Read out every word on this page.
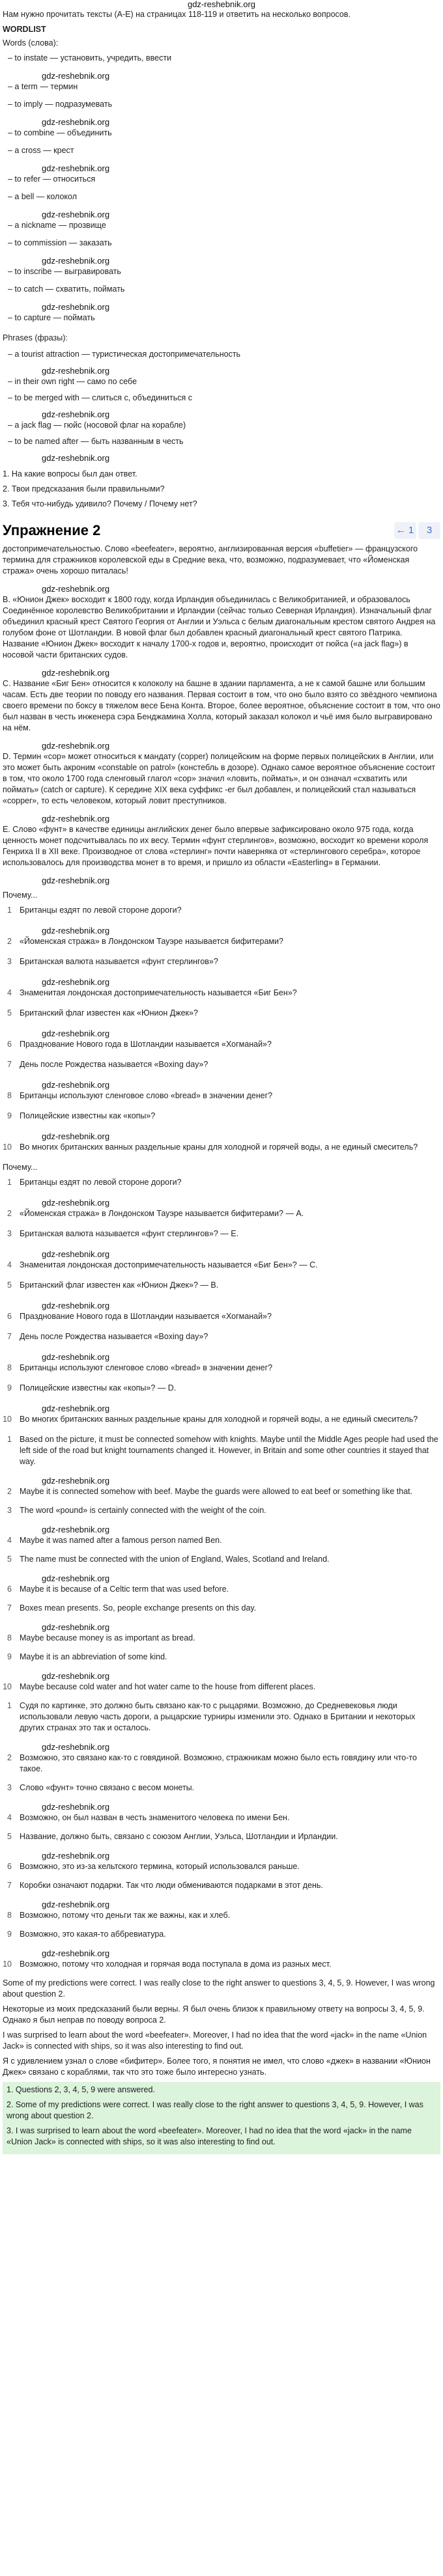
gdz-reshebnik.org

Нам нужно прочитать тексты (A-E) на страницах 118-119 и ответить на несколько вопросов.

WORDLIST

Words (слова):

– to instate — установить, учредить, ввести
gdz-reshebnik.org
– a term — термин
– to imply — подразумевать
gdz-reshebnik.org
– to combine — объединить
– a cross — крест
gdz-reshebnik.org
– to refer — относиться
– a bell — колокол
gdz-reshebnik.org
– a nickname — прозвище
– to commission — заказать
gdz-reshebnik.org
– to inscribe — выгравировать
– to catch — схватить, поймать
gdz-reshebnik.org
– to capture — поймать

Phrases (фразы):

– a tourist attraction — туристическая достопримечательность
gdz-reshebnik.org
– in their own right — само по себе
– to be merged with — слиться с, объединиться с
gdz-reshebnik.org
– a jack flag — гюйс (носовой флаг на корабле)
– to be named after — быть названным в честь
gdz-reshebnik.org
1. На какие вопросы был дан ответ.
2. Твои предсказания были правильными?
3. Тебя что-нибудь удивило? Почему / Почему нет?
Упражнение 2	← 1 3
достопримечательностью. Слово «beefeater», вероятно, англизированная версия «buffetier» — французского термина для стражников королевской еды в Средние века, что, возможно, подразумевает, что «Йоменская стража» очень хорошо питалась!
gdz-reshebnik.org
B. «Юнион Джек» восходит к 1800 году, когда Ирландия объединилась с Великобританией, и образовалось Соединённое королевство Великобритании и Ирландии (сейчас только Северная Ирландия). Изначальный флаг объединил красный крест Святого Георгия от Англии и Уэльса с белым диагональным крестом святого Андрея на голубом фоне от Шотландии. В новой флаг был добавлен красный диагональный крест святого Патрика. Название «Юнион Джек» восходит к началу 1700-х годов и, вероятно, происходит от гюйса («a jack flag») в носовой части британских судов.
gdz-reshebnik.org
C. Название «Биг Бен» относится к колоколу на башне в здании парламента, а не к самой башне или большим часам. Есть две теории по поводу его названия. Первая состоит в том, что оно было взято со звёздного чемпиона своего времени по боксу в тяжелом весе Бена Конта. Второе, более вероятное, объяснение состоит в том, что оно был назван в честь инженера сэра Бенджамина Холла, который заказал колокол и чьё имя было выгравировано на нём.
gdz-reshebnik.org
D. Термин «сор» может относиться к мандату (copper) полицейским на форме первых полицейских в Англии, или это может быть акроним «constable on patrol» (констебль в дозоре). Однако самое вероятное объяснение состоит в том, что около 1700 года сленговый глагол «сор» значил «ловить, поймать», и он означал «схватить или поймать» (catch or capture). К середине XIX века суффикс -er был добавлен, и полицейский стал называться «copper», то есть человеком, который ловит преступников.
gdz-reshebnik.org
E. Слово «фунт» в качестве единицы английских денег было впервые зафиксировано около 975 года, когда ценность монет подсчитывалась по их весу. Термин «фунт стерлингов», возможно, восходит ко времени короля Генриха II в XII веке. Производное от слова «стерлинг» почти наверняка от «стерлингового серебра», которое использовалось для производства монет в то время, и пришло из области «Easterling» в Германии.
gdz-reshebnik.org

Почему...

1 Британцы ездят по левой стороне дороги?
gdz-reshebnik.org
2 «Йоменская стража» в Лондонском Тауэре называется бифитерами?
3 Британская валюта называется «фунт стерлингов»?
gdz-reshebnik.org
4 Знаменитая лондонская достопримечательность называется «Биг Бен»?
5 Британский флаг известен как «Юнион Джек»?
gdz-reshebnik.org
6 Празднование Нового года в Шотландии называется «Хогманай»?
7 День после Рождества называется «Boxing day»?
gdz-reshebnik.org
8 Британцы используют сленговое слово «bread» в значении денег?
9 Полицейские известны как «копы»?
gdz-reshebnik.org
10 Во многих британских ванных раздельные краны для холодной и горячей воды, а не единый смеситель?

Почему...

1 Британцы ездят по левой стороне дороги?
gdz-reshebnik.org
2 «Йоменская стража» в Лондонском Тауэре называется бифитерами? — A.
3 Британская валюта называется «фунт стерлингов»? — E.
gdz-reshebnik.org
4 Знаменитая лондонская достопримечательность называется «Биг Бен»? — C.
5 Британский флаг известен как «Юнион Джек»? — B.
gdz-reshebnik.org
6 Празднование Нового года в Шотландии называется «Хогманай»?
7 День после Рождества называется «Boxing day»?
gdz-reshebnik.org
8 Британцы используют сленговое слово «bread» в значении денег?
9 Полицейские известны как «копы»? — D.
gdz-reshebnik.org
10 Во многих британских ванных раздельные краны для холодной и горячей воды, а не единый смеситель?
1 Based on the picture, it must be connected somehow with knights. Maybe until the Middle Ages people had used the left side of the road but knight tournaments changed it. However, in Britain and some other countries it stayed that way.
gdz-reshebnik.org
2 Maybe it is connected somehow with beef. Maybe the guards were allowed to eat beef or something like that.
3 The word «pound» is certainly connected with the weight of the coin.
gdz-reshebnik.org
4 Maybe it was named after a famous person named Ben.
5 The name must be connected with the union of England, Wales, Scotland and Ireland.
gdz-reshebnik.org
6 Maybe it is because of a Celtic term that was used before.
7 Boxes mean presents. So, people exchange presents on this day.
gdz-reshebnik.org
8 Maybe because money is as important as bread.
9 Maybe it is an abbreviation of some kind.
gdz-reshebnik.org
10 Maybe because cold water and hot water came to the house from different places.
1 Судя по картинке, это должно быть связано как-то с рыцарями. Возможно, до Средневековья люди использовали левую часть дороги, а рыцарские турниры изменили это. Однако в Британии и некоторых других странах это так и осталось.
gdz-reshebnik.org
2 Возможно, это связано как-то с говядиной. Возможно, стражникам можно было есть говядину или что-то такое.
3 Слово «фунт» точно связано с весом монеты.
gdz-reshebnik.org
4 Возможно, он был назван в честь знаменитого человека по имени Бен.
5 Название, должно быть, связано с союзом Англии, Уэльса, Шотландии и Ирландии.
gdz-reshebnik.org
6 Возможно, это из-за кельтского термина, который использовался раньше.
7 Коробки означают подарки. Так что люди обмениваются подарками в этот день.
gdz-reshebnik.org
8 Возможно, потому что деньги так же важны, как и хлеб.
9 Возможно, это какая-то аббревиатура.
gdz-reshebnik.org
10 Возможно, потому что холодная и горячая вода поступала в дома из разных мест.
Some of my predictions were correct. I was really close to the right answer to questions 3, 4, 5, 9. However, I was wrong about question 2.
Некоторые из моих предсказаний были верны. Я был очень близок к правильному ответу на вопросы 3, 4, 5, 9. Однако я был неправ по поводу вопроса 2.
I was surprised to learn about the word «beefeater». Moreover, I had no idea that the word «jack» in the name «Union Jack» is connected with ships, so it was also interesting to find out.
Я с удивлением узнал о слове «бифитер». Более того, я понятия не имел, что слово «джек» в названии «Юнион Джек» связано с кораблями, так что это тоже было интересно узнать.
1. Questions 2, 3, 4, 5, 9 were answered.
2. Some of my predictions were correct. I was really close to the right answer to questions 3, 4, 5, 9. However, I was wrong about question 2.
3. I was surprised to learn about the word «beefeater». Moreover, I had no idea that the word «jack» in the name «Union Jack» is connected with ships, so it was also interesting to find out.
